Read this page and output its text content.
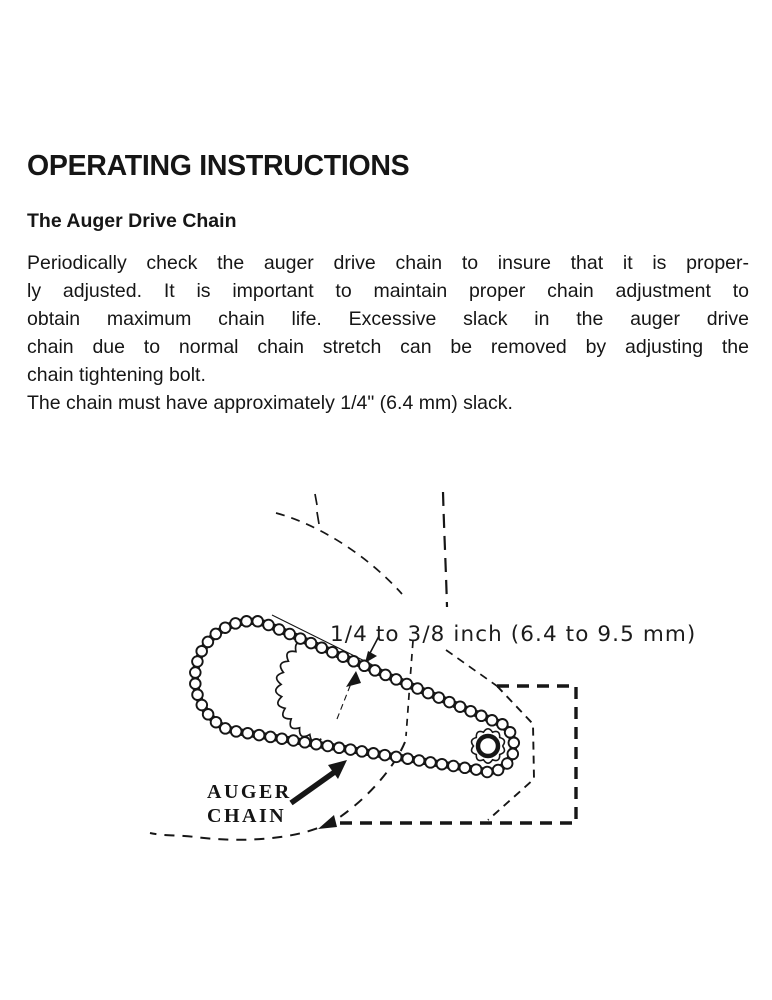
OPERATING INSTRUCTIONS
The Auger Drive Chain
Periodically check the auger drive chain to insure that it is proper-
ly adjusted. It is important to maintain proper chain adjustment to
obtain maximum chain life. Excessive slack in the auger drive
chain due to normal chain stretch can be removed by adjusting the
chain tightening bolt.
The chain must have approximately 1/4" (6.4 mm) slack.
1/4 to 3/8 inch (6.4 to 9.5 mm)
AUGER
CHAIN
